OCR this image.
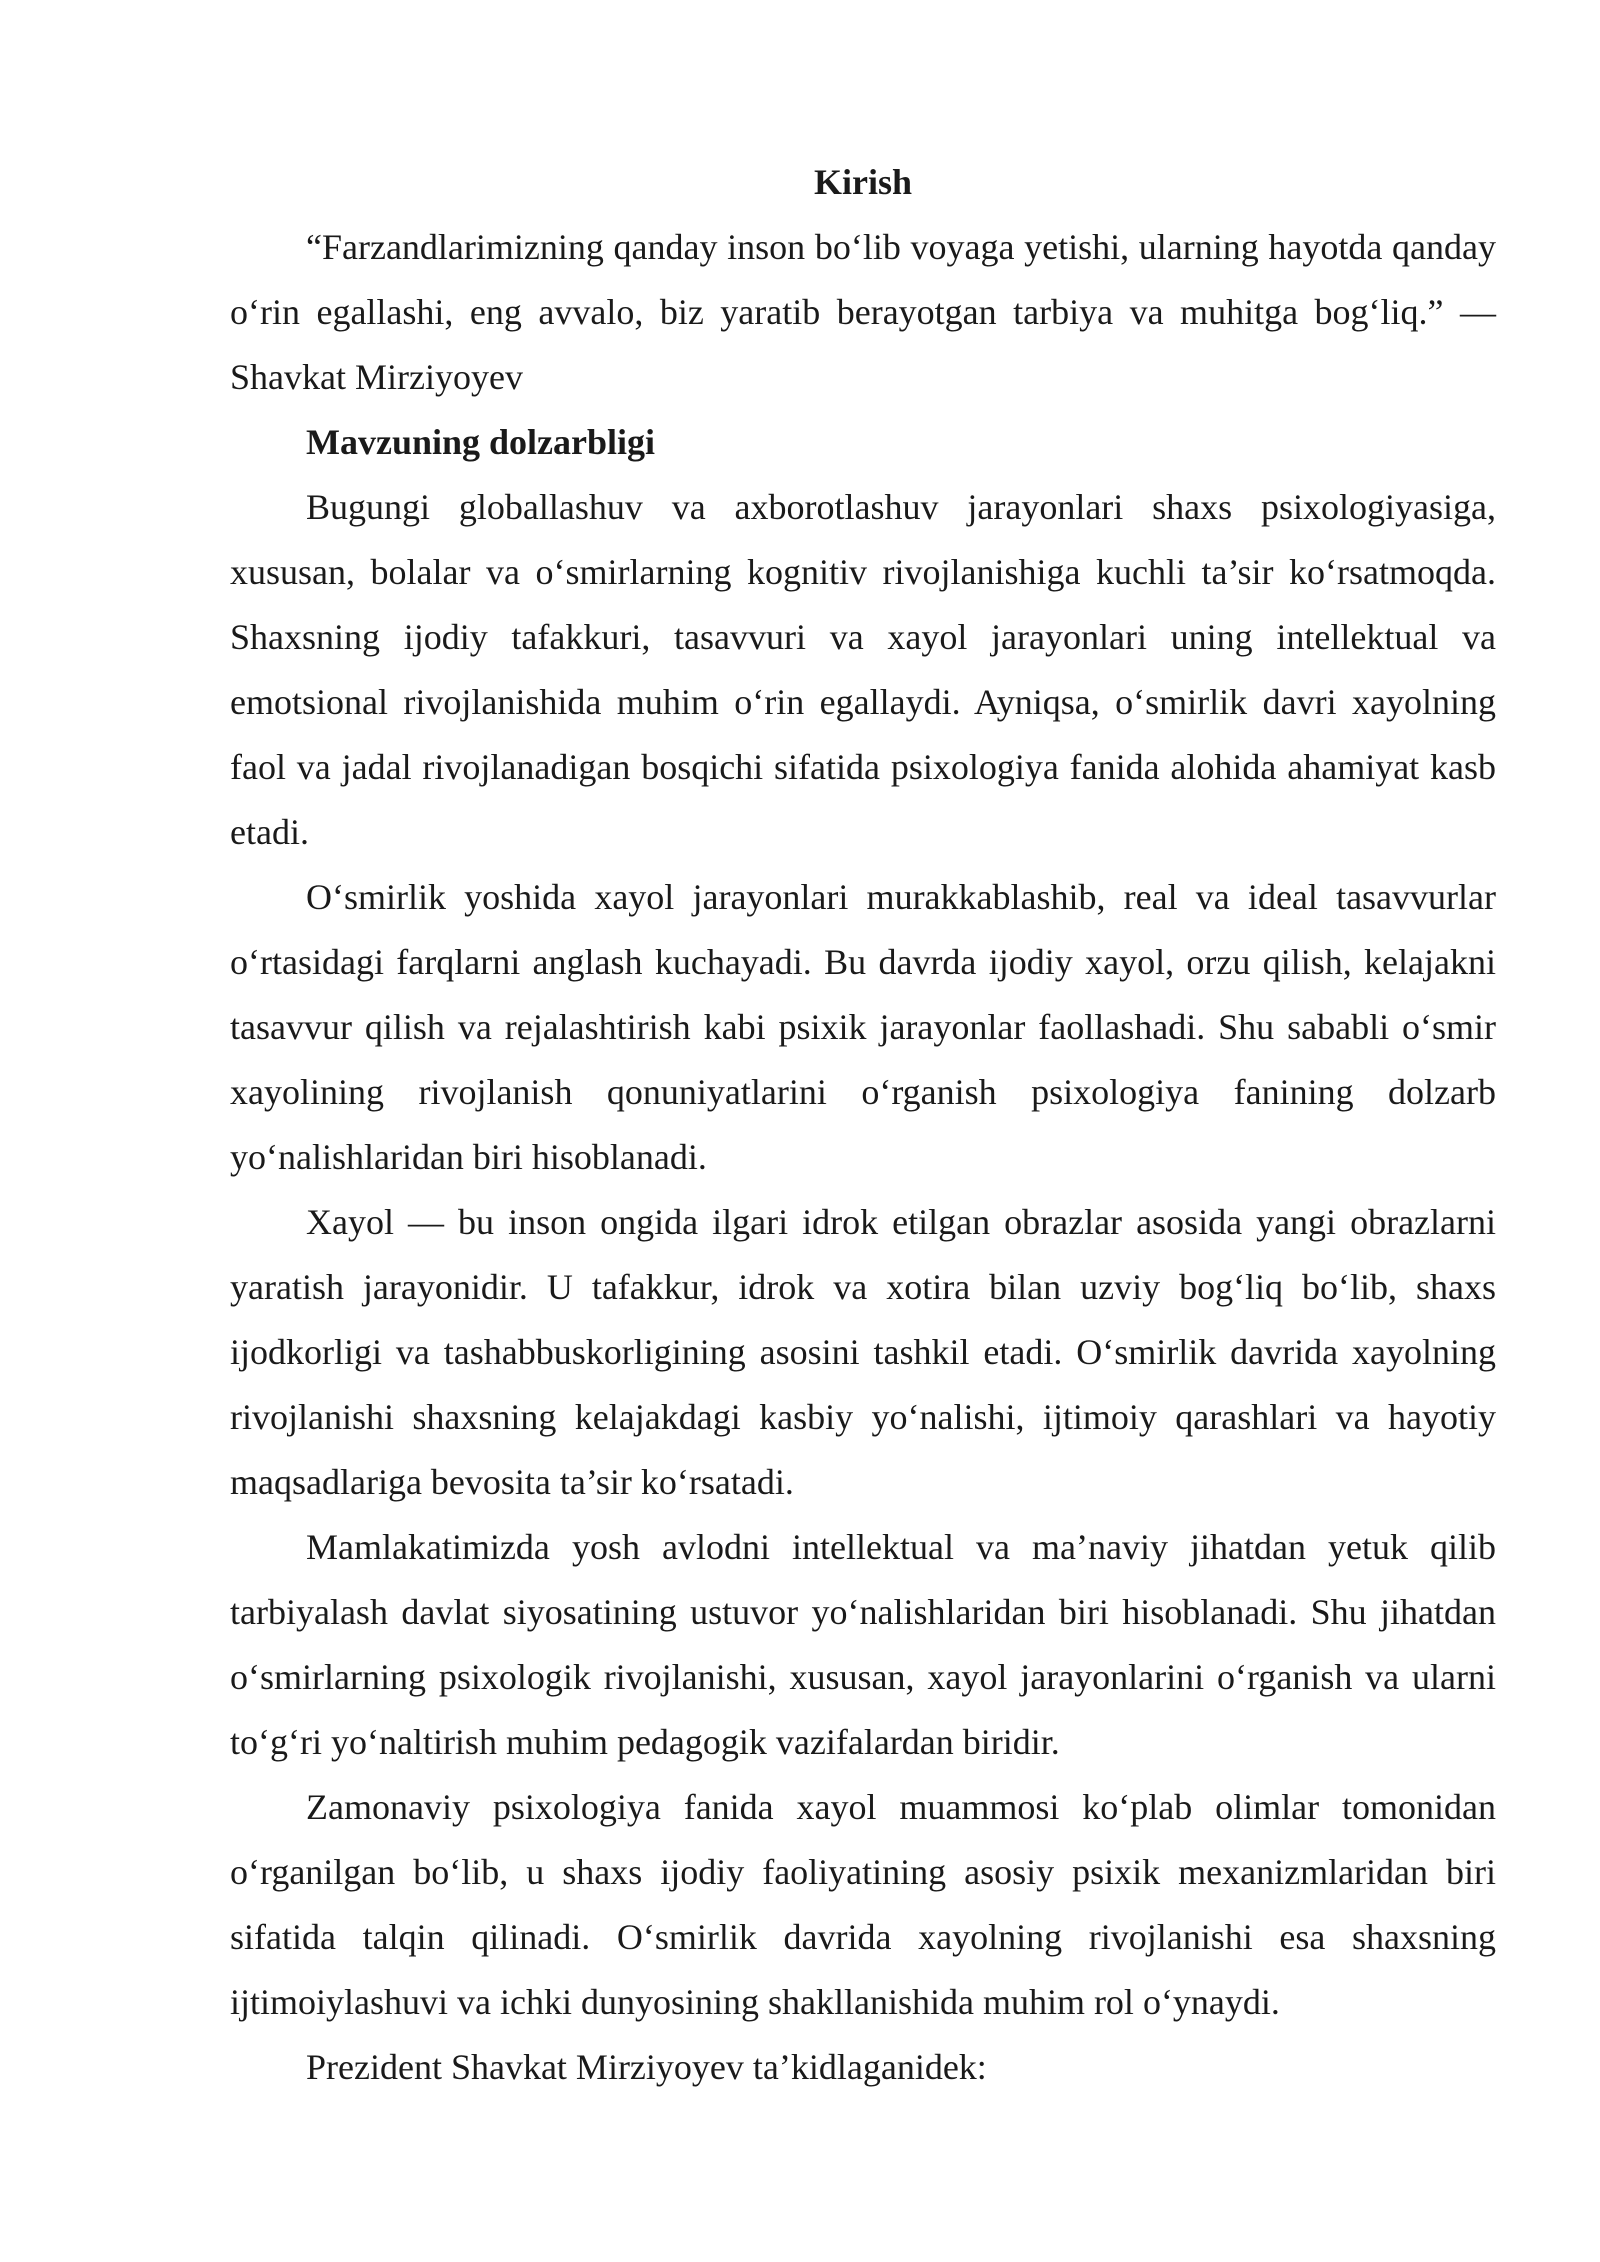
Kirish

“Farzandlarimizning qanday inson bo‘lib voyaga yetishi, ularning hayotda qanday o‘rin egallashi, eng avvalo, biz yaratib berayotgan tarbiya va muhitga bog‘liq.” — Shavkat Mirziyoyev

Mavzuning dolzarbligi

Bugungi globallashuv va axborotlashuv jarayonlari shaxs psixologiyasiga, xususan, bolalar va o‘smirlarning kognitiv rivojlanishiga kuchli ta’sir ko‘rsatmoqda. Shaxsning ijodiy tafakkuri, tasavvuri va xayol jarayonlari uning intellektual va emotsional rivojlanishida muhim o‘rin egallaydi. Ayniqsa, o‘smirlik davri xayolning faol va jadal rivojlanadigan bosqichi sifatida psixologiya fanida alohida ahamiyat kasb etadi.

O‘smirlik yoshida xayol jarayonlari murakkablashib, real va ideal tasavvurlar o‘rtasidagi farqlarni anglash kuchayadi. Bu davrda ijodiy xayol, orzu qilish, kelajakni tasavvur qilish va rejalashtirish kabi psixik jarayonlar faollashadi. Shu sababli o‘smir xayolining rivojlanish qonuniyatlarini o‘rganish psixologiya fanining dolzarb yo‘nalishlaridan biri hisoblanadi.

Xayol — bu inson ongida ilgari idrok etilgan obrazlar asosida yangi obrazlarni yaratish jarayonidir. U tafakkur, idrok va xotira bilan uzviy bog‘liq bo‘lib, shaxs ijodkorligi va tashabbuskorligining asosini tashkil etadi. O‘smirlik davrida xayolning rivojlanishi shaxsning kelajakdagi kasbiy yo‘nalishi, ijtimoiy qarashlari va hayotiy maqsadlariga bevosita ta’sir ko‘rsatadi.

Mamlakatimizda yosh avlodni intellektual va ma’naviy jihatdan yetuk qilib tarbiyalash davlat siyosatining ustuvor yo‘nalishlaridan biri hisoblanadi. Shu jihatdan o‘smirlarning psixologik rivojlanishi, xususan, xayol jarayonlarini o‘rganish va ularni to‘g‘ri yo‘naltirish muhim pedagogik vazifalardan biridir.

Zamonaviy psixologiya fanida xayol muammosi ko‘plab olimlar tomonidan o‘rganilgan bo‘lib, u shaxs ijodiy faoliyatining asosiy psixik mexanizmlaridan biri sifatida talqin qilinadi. O‘smirlik davrida xayolning rivojlanishi esa shaxsning ijtimoiylashuvi va ichki dunyosining shakllanishida muhim rol o‘ynaydi.

Prezident Shavkat Mirziyoyev ta’kidlaganidek:
